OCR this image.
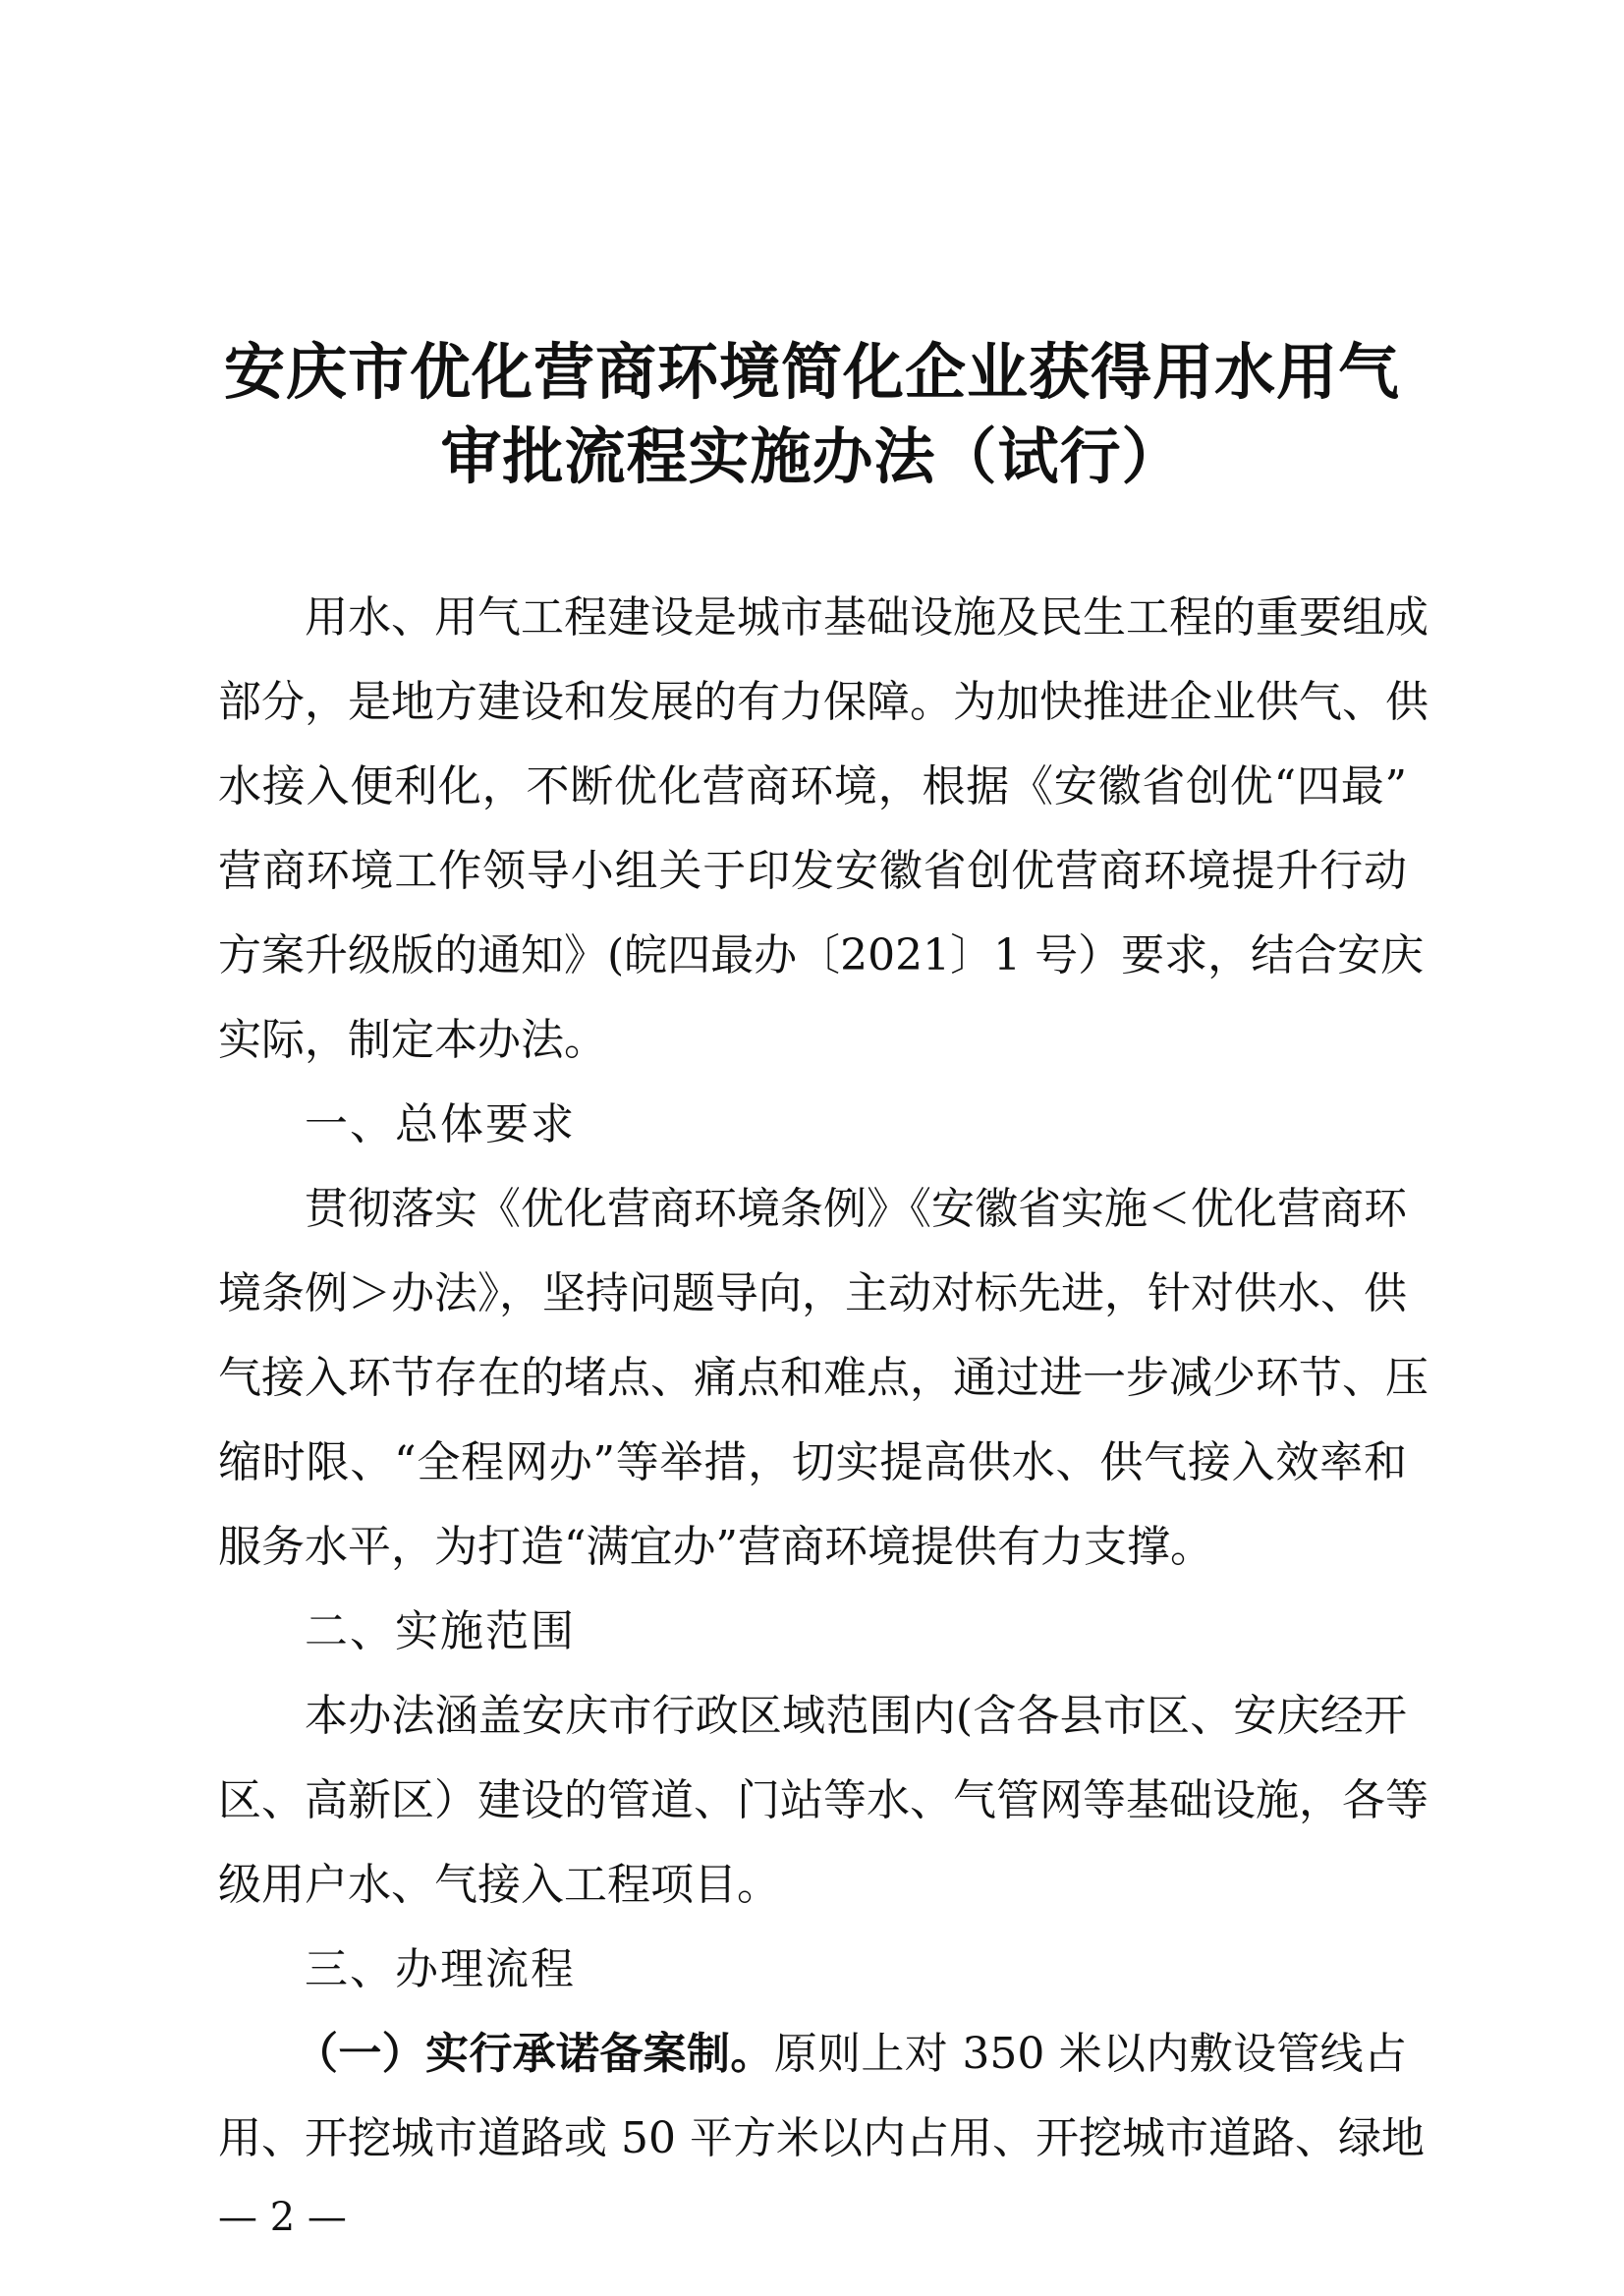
安庆市优化营商环境简化企业获得用水用气
审批流程实施办法（试行）
用水、用气工程建设是城市基础设施及民生工程的重要组成
部分，是地方建设和发展的有力保障。为加快推进企业供气、供
水接入便利化，不断优化营商环境，根据《安徽省创优“四最”
营商环境工作领导小组关于印发安徽省创优营商环境提升行动
方案升级版的通知》(皖四最办〔2021〕1 号）要求，结合安庆
实际，制定本办法。
一、总体要求
贯彻落实《优化营商环境条例》《安徽省实施＜优化营商环
境条例＞办法》，坚持问题导向，主动对标先进，针对供水、供
气接入环节存在的堵点、痛点和难点，通过进一步减少环节、压
缩时限、“全程网办”等举措，切实提高供水、供气接入效率和
服务水平，为打造“满宜办”营商环境提供有力支撑。
二、实施范围
本办法涵盖安庆市行政区域范围内(含各县市区、安庆经开
区、高新区）建设的管道、门站等水、气管网等基础设施，各等
级用户水、气接入工程项目。
三、办理流程
（一）实行承诺备案制。原则上对 350 米以内敷设管线占
用、开挖城市道路或 50 平方米以内占用、开挖城市道路、绿地
— 2 —
